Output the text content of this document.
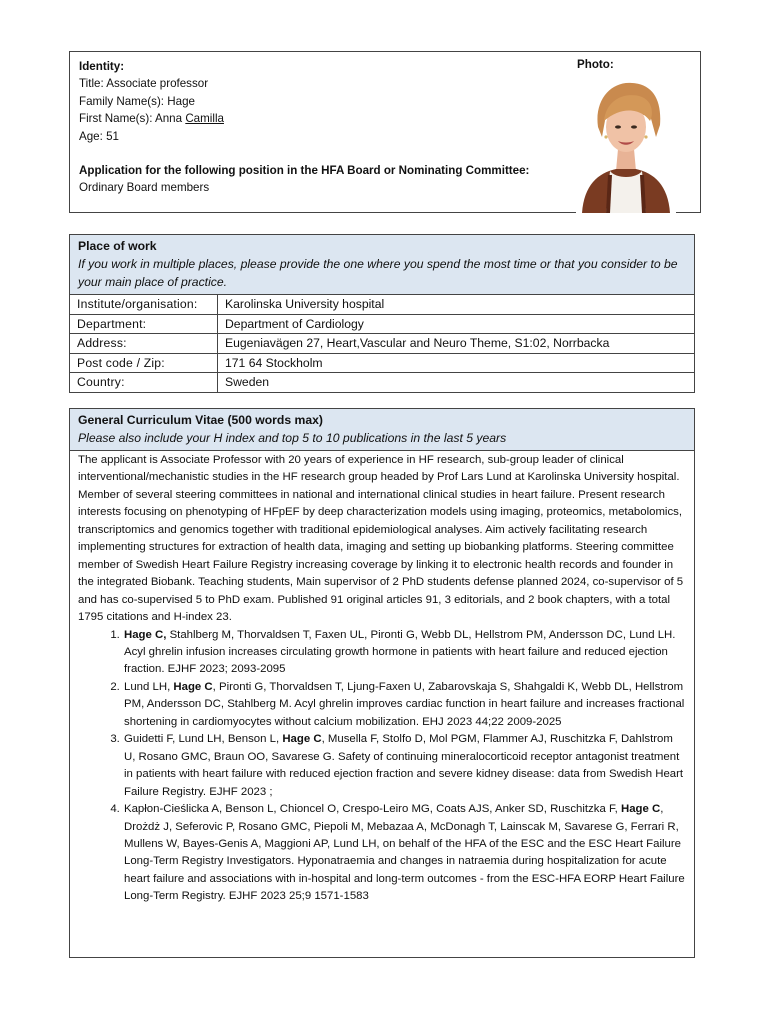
Identity:
Title: Associate professor
Family Name(s): Hage
First Name(s): Anna Camilla
Age: 51
Photo:
Application for the following position in the HFA Board or Nominating Committee:
Ordinary Board members
Place of work
If you work in multiple places, please provide the one where you spend the most time or that you consider to be your main place of practice.
Institute/organisation:	Karolinska University hospital
Department:	Department of Cardiology
Address:	Eugeniavägen 27, Heart,Vascular and Neuro Theme, S1:02, Norrbacka
Post code / Zip:	171 64 Stockholm
Country:	Sweden
General Curriculum Vitae (500 words max)
Please also include your H index and top 5 to 10 publications in the last 5 years
The applicant is Associate Professor with 20 years of experience in HF research, sub-group leader of clinical interventional/mechanistic studies in the HF research group headed by Prof Lars Lund at Karolinska University hospital. Member of several steering committees in national and international clinical studies in heart failure. Present research interests focusing on phenotyping of HFpEF by deep characterization models using imaging, proteomics, metabolomics, transcriptomics and genomics together with traditional epidemiological analyses. Aim actively facilitating research implementing structures for extraction of health data, imaging and setting up biobanking platforms. Steering committee member of Swedish Heart Failure Registry increasing coverage by linking it to electronic health records and founder in the integrated Biobank. Teaching students, Main supervisor of 2 PhD students defense planned 2024, co-supervisor of 5 and has co-supervised 5 to PhD exam. Published 91 original articles 91, 3 editorials, and 2 book chapters, with a total 1795 citations and H-index 23.
1. Hage C, Stahlberg M, Thorvaldsen T, Faxen UL, Pironti G, Webb DL, Hellstrom PM, Andersson DC, Lund LH. Acyl ghrelin infusion increases circulating growth hormone in patients with heart failure and reduced ejection fraction. EJHF 2023; 2093-2095
2. Lund LH, Hage C, Pironti G, Thorvaldsen T, Ljung-Faxen U, Zabarovskaja S, Shahgaldi K, Webb DL, Hellstrom PM, Andersson DC, Stahlberg M. Acyl ghrelin improves cardiac function in heart failure and increases fractional shortening in cardiomyocytes without calcium mobilization. EHJ 2023 44;22 2009-2025
3. Guidetti F, Lund LH, Benson L, Hage C, Musella F, Stolfo D, Mol PGM, Flammer AJ, Ruschitzka F, Dahlstrom U, Rosano GMC, Braun OO, Savarese G. Safety of continuing mineralocorticoid receptor antagonist treatment in patients with heart failure with reduced ejection fraction and severe kidney disease: data from Swedish Heart Failure Registry. EJHF 2023 ;
4. Kapłon-Cieślicka A, Benson L, Chioncel O, Crespo-Leiro MG, Coats AJS, Anker SD, Ruschitzka F, Hage C, Drożdż J, Seferovic P, Rosano GMC, Piepoli M, Mebazaa A, McDonagh T, Lainscak M, Savarese G, Ferrari R, Mullens W, Bayes-Genis A, Maggioni AP, Lund LH, on behalf of the HFA of the ESC and the ESC Heart Failure Long-Term Registry Investigators. Hyponatraemia and changes in natraemia during hospitalization for acute heart failure and associations with in-hospital and long-term outcomes - from the ESC-HFA EORP Heart Failure Long-Term Registry. EJHF 2023 25;9 1571-1583
